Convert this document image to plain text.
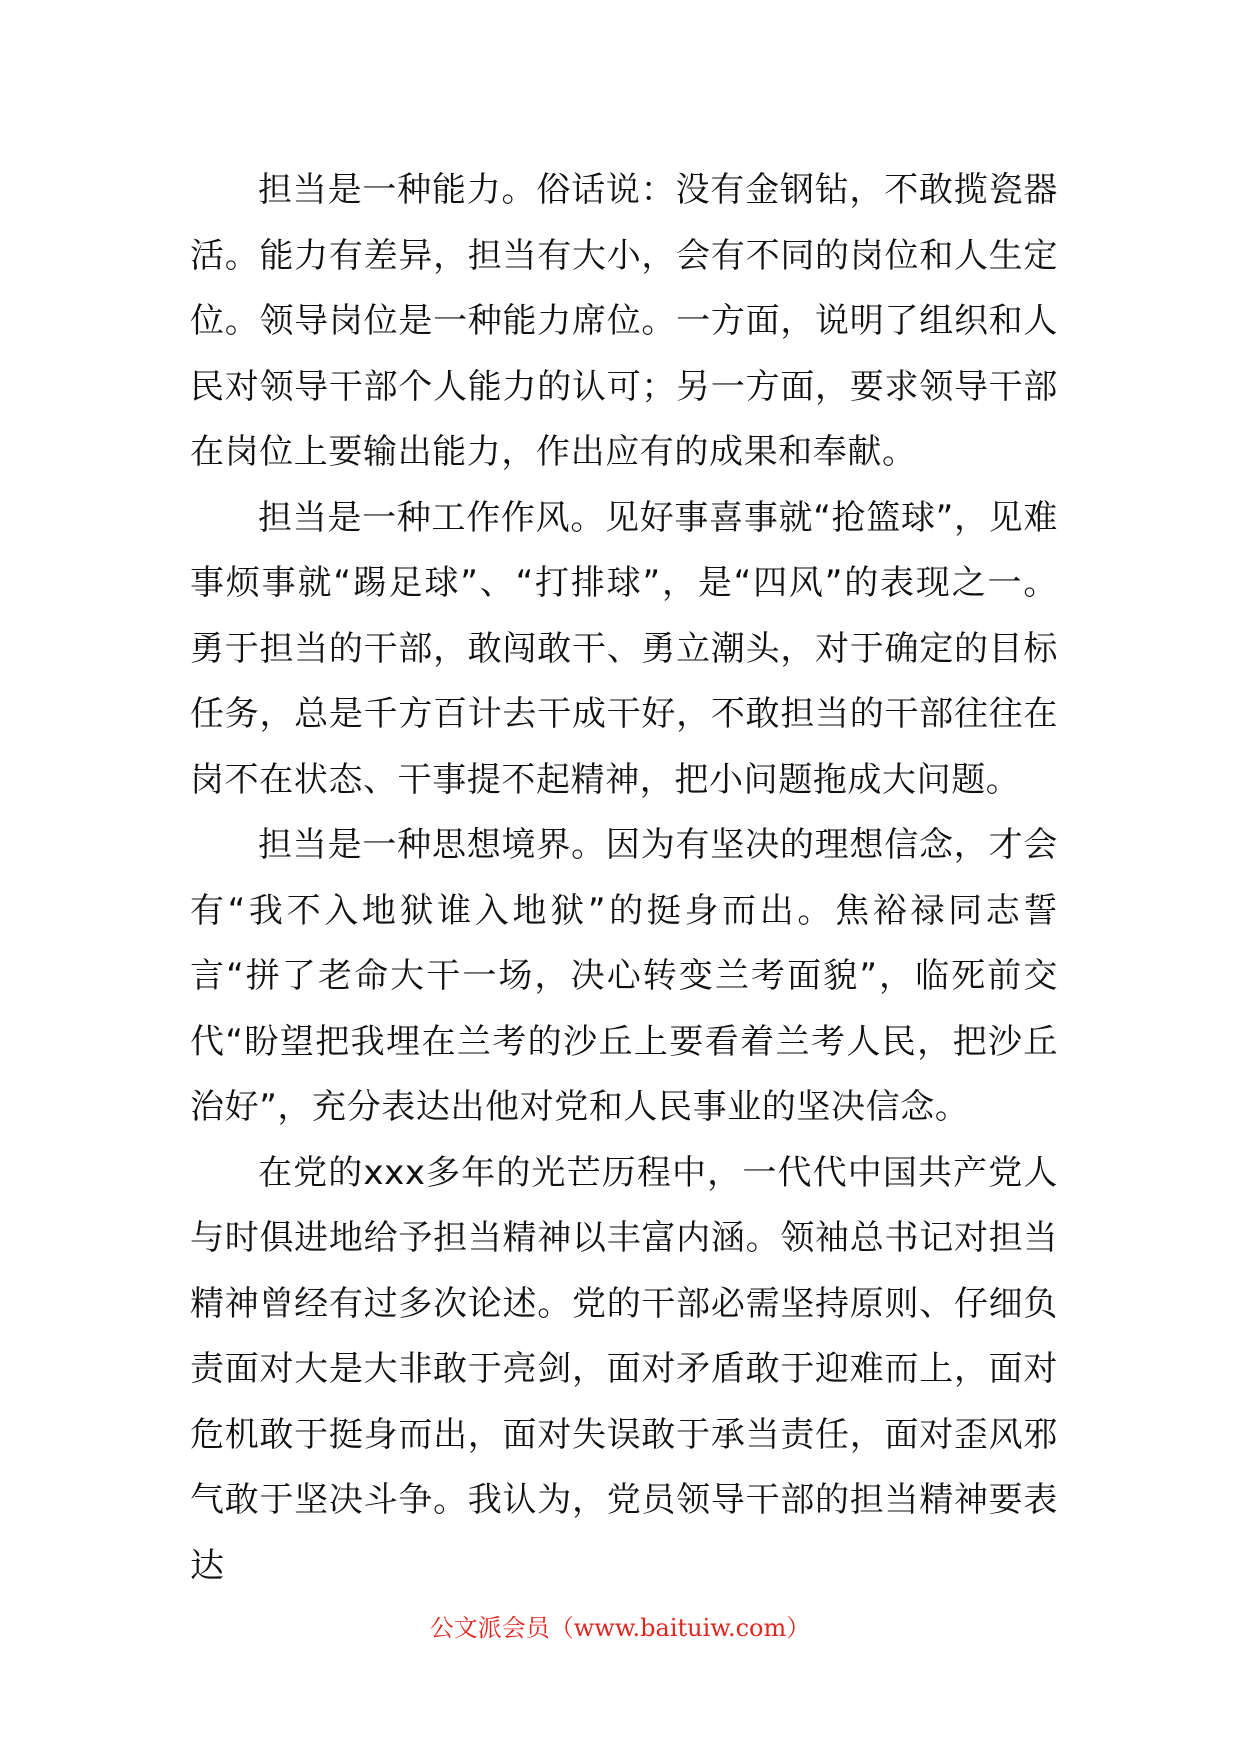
担当是一种能力。俗话说：没有金钢钻，不敢揽瓷器活。能力有差异，担当有大小，会有不同的岗位和人生定位。领导岗位是一种能力席位。一方面，说明了组织和人民对领导干部个人能力的认可；另一方面，要求领导干部在岗位上要输出能力，作出应有的成果和奉献。

担当是一种工作作风。见好事喜事就“抢篮球”，见难事烦事就“踢足球”、“打排球”，是“四风”的表现之一。勇于担当的干部，敢闯敢干、勇立潮头，对于确定的目标任务，总是千方百计去干成干好，不敢担当的干部往往在岗不在状态、干事提不起精神，把小问题拖成大问题。

担当是一种思想境界。因为有坚决的理想信念，才会有“我不入地狱谁入地狱”的挺身而出。焦裕禄同志誓言“拼了老命大干一场，决心转变兰考面貌”，临死前交代“盼望把我埋在兰考的沙丘上要看着兰考人民，把沙丘治好”，充分表达出他对党和人民事业的坚决信念。

在党的xxx多年的光芒历程中，一代代中国共产党人与时俱进地给予担当精神以丰富内涵。领袖总书记对担当精神曾经有过多次论述。党的干部必需坚持原则、仔细负责面对大是大非敢于亮剑，面对矛盾敢于迎难而上，面对危机敢于挺身而出，面对失误敢于承当责任，面对歪风邪气敢于坚决斗争。我认为，党员领导干部的担当精神要表达

公文派会员（www.baituiw.com）
